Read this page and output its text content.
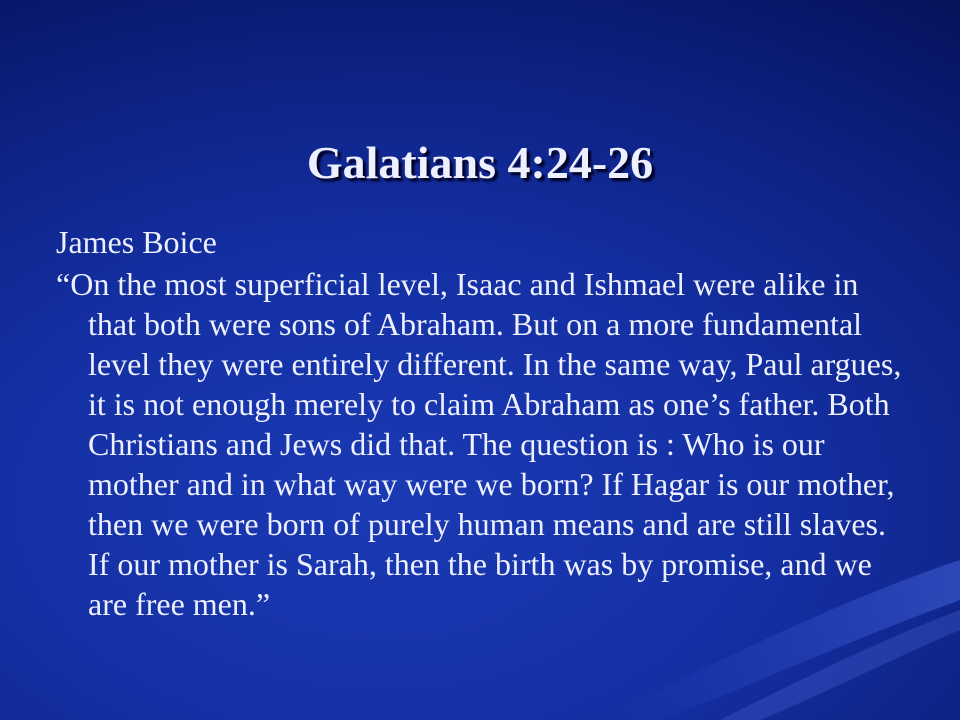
Galatians 4:24-26
James Boice
“On the most superficial level, Isaac and Ishmael were alike in that both were sons of Abraham. But on a more fundamental level they were entirely different. In the same way, Paul argues, it is not enough merely to claim Abraham as one’s father. Both Christians and Jews did that. The question is : Who is our mother and in what way were we born? If Hagar is our mother, then we were born of purely human means and are still slaves. If our mother is Sarah, then the birth was by promise, and we are free men.”
